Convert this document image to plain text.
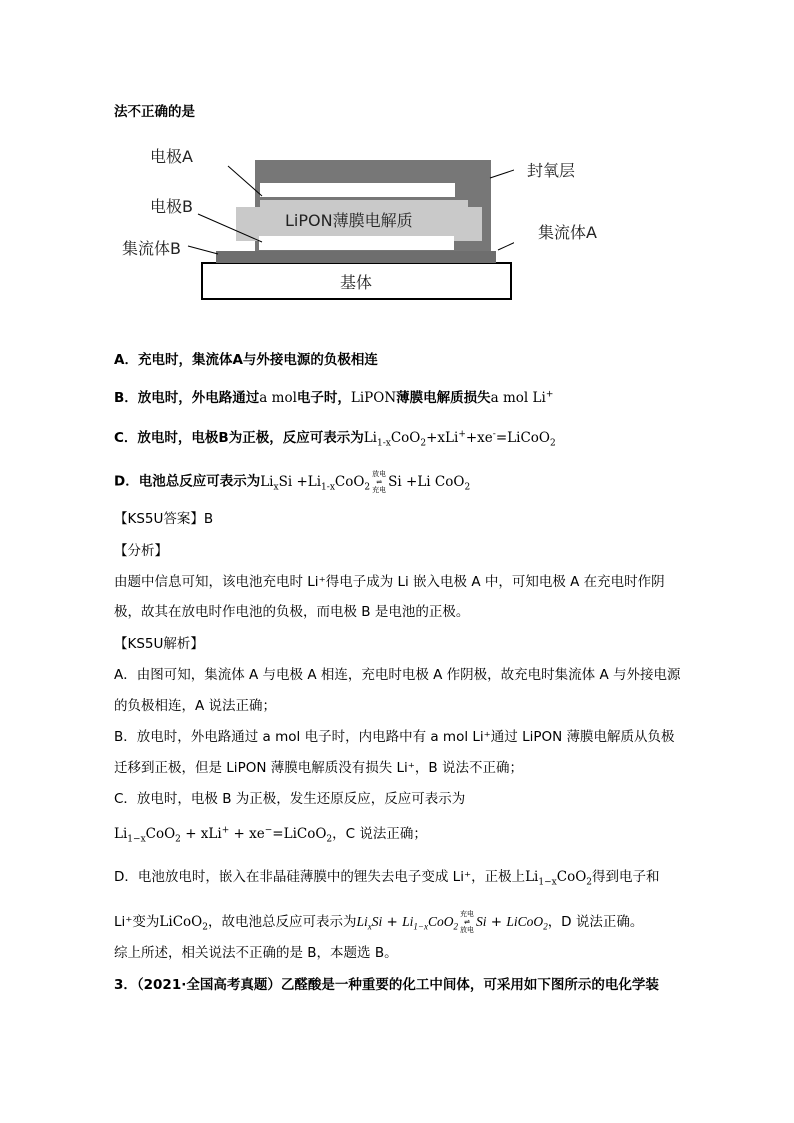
法不正确的是
基体
LiPON薄膜电解质
电极A
电极B
集流体B
封氧层
集流体A
A．充电时，集流体A与外接电源的负极相连
B．放电时，外电路通过a mol电子时，LiPON薄膜电解质损失a mol Li+
C．放电时，电极B为正极，反应可表示为$Li_{1-x}CoO_2+xLi^++xe^-=LiCoO_2$
D．电池总反应可表示为$Li_xSi +Li_{1-x}CoO_2$
放电
⇌
充电
Si +Li CoO$_2$
【KS5U答案】B
【分析】
由题中信息可知，该电池充电时 Li⁺得电子成为 Li 嵌入电极 A 中，可知电极 A 在充电时作阴
极，故其在放电时作电池的负极，而电极 B 是电池的正极。
【KS5U解析】
A．由图可知，集流体 A 与电极 A 相连，充电时电极 A 作阴极，故充电时集流体 A 与外接电源
的负极相连，A 说法正确；
B．放电时，外电路通过 a mol 电子时，内电路中有 a mol Li⁺通过 LiPON 薄膜电解质从负极
迁移到正极，但是 LiPON 薄膜电解质没有损失 Li⁺，B 说法不正确；
C．放电时，电极 B 为正极，发生还原反应，反应可表示为
$Li_{1-x}CoO_2 + xLi^+$ + xe−=LiCoO$_2$，C 说法正确；
D．电池放电时，嵌入在非晶硅薄膜中的锂失去电子变成 Li⁺，正极上$Li_{1-x}CoO_2$得到电子和
Li⁺变为LiCoO$_2$，故电池总反应可表示为$Li_xSi + Li_{1-x}CoO_2$
充电
⇌
放电
Si + LiCoO$_2$，D 说法正确。
综上所述，相关说法不正确的是 B，本题选 B。
3．（2021·全国高考真题）乙醛酸是一种重要的化工中间体，可采用如下图所示的电化学装
